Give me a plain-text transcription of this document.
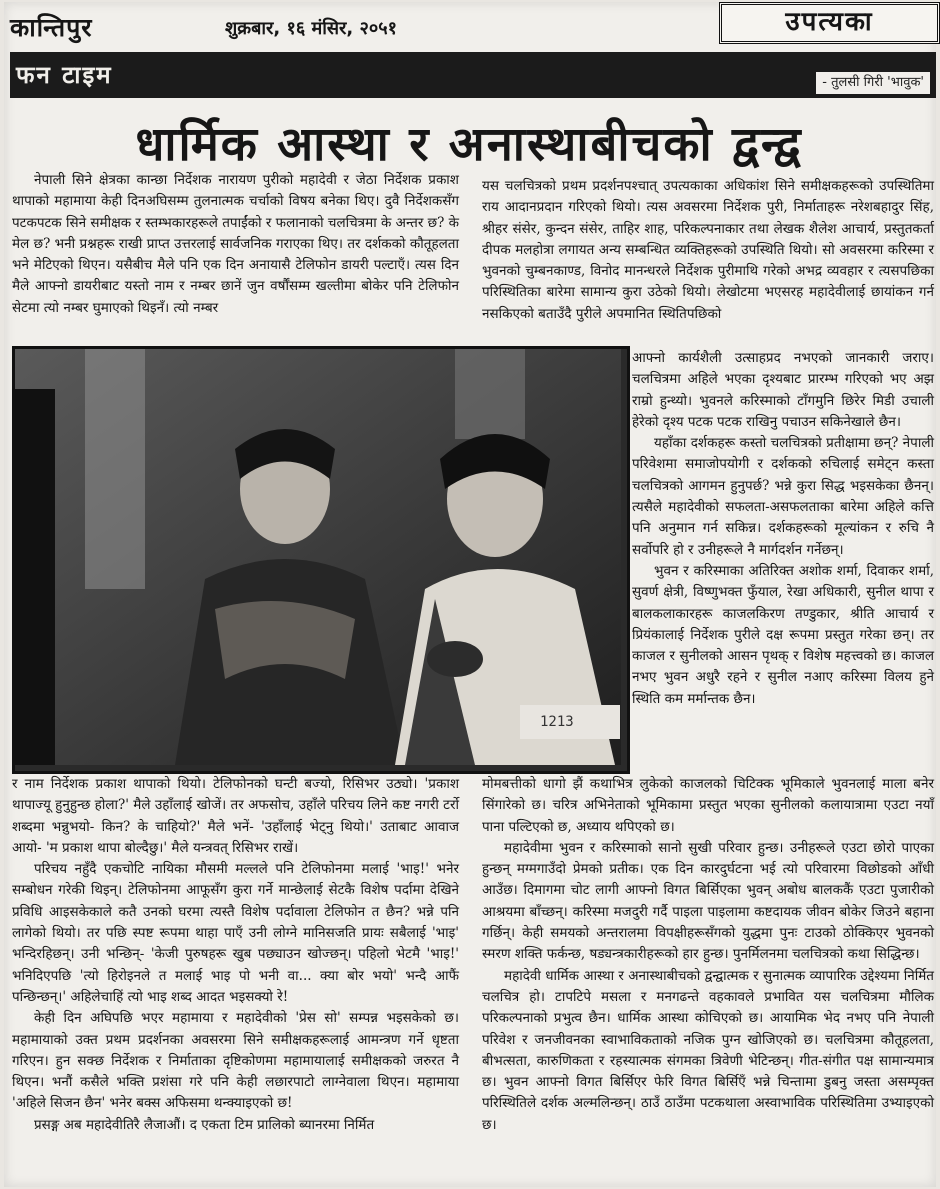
कान्तिपुर	शुक्रबार, १६ मंसिर, २०५१	उपत्यका
फन टाइम	- तुलसी गिरी 'भावुक'
धार्मिक आस्था र अनास्थाबीचको द्वन्द्व

नेपाली सिने क्षेत्रका कान्छा निर्देशक नारायण पुरीको महादेवी र जेठा निर्देशक प्रकाश थापाको महामाया केही दिनअघिसम्म तुलनात्मक चर्चाको विषय बनेका थिए। दुवै निर्देशकसँग पटकपटक सिने समीक्षक र स्तम्भकारहरूले तपाईंको र फलानाको चलचित्रमा के अन्तर छ? के मेल छ? भनी प्रश्नहरू राखी प्राप्त उत्तरलाई सार्वजनिक गराएका थिए। तर दर्शकको कौतूहलता भने मेटिएको थिएन। यसैबीच मैले पनि एक दिन अनायासै टेलिफोन डायरी पल्टाएँ। त्यस दिन मैले आफ्नो डायरीबाट यस्तो नाम र नम्बर छानें जुन वर्षौंसम्म खल्तीमा बोकेर पनि टेलिफोन सेटमा त्यो नम्बर घुमाएको थिइनँ। त्यो नम्बर

यस चलचित्रको प्रथम प्रदर्शनपश्चात् उपत्यकाका अधिकांश सिने समीक्षकहरूको उपस्थितिमा राय आदानप्रदान गरिएको थियो। त्यस अवसरमा निर्देशक पुरी, निर्माताहरू नरेशबहादुर सिंह, श्रीहर संसेर, कुन्दन संसेर, ताहिर शाह, परिकल्पनाकार तथा लेखक शैलेश आचार्य, प्रस्तुतकर्ता दीपक मलहोत्रा लगायत अन्य सम्बन्धित व्यक्तिहरूको उपस्थिति थियो। सो अवसरमा करिस्मा र भुवनको चुम्बनकाण्ड, विनोद मानन्धरले निर्देशक पुरीमाथि गरेको अभद्र व्यवहार र त्यसपछिका परिस्थितिका बारेमा सामान्य कुरा उठेको थियो। लेखोटमा भएसरह महादेवीलाई छायांकन गर्न नसकिएको बताउँदै पुरीले अपमानित स्थितिपछिको

1213

आफ्नो कार्यशैली उत्साहप्रद नभएको जानकारी जराए। चलचित्रमा अहिले भएका दृश्यबाट प्रारम्भ गरिएको भए अझ राम्रो हुन्थ्यो। भुवनले करिस्माको टाँगमुनि छिरेर मिडी उचाली हेरेको दृश्य पटक पटक राखिनु पचाउन सकिनेखाले छैन।

यहाँका दर्शकहरू कस्तो चलचित्रको प्रतीक्षामा छन्? नेपाली परिवेशमा समाजोपयोगी र दर्शकको रुचिलाई समेट्न कस्ता चलचित्रको आगमन हुनुपर्छ? भन्ने कुरा सिद्ध भइसकेका छैनन्। त्यसैले महादेवीको सफलता-असफलताका बारेमा अहिले कत्ति पनि अनुमान गर्न सकिन्न। दर्शकहरूको मूल्यांकन र रुचि नै सर्वोपरि हो र उनीहरूले नै मार्गदर्शन गर्नेछन्।

भुवन र करिस्माका अतिरिक्त अशोक शर्मा, दिवाकर शर्मा, सुवर्ण क्षेत्री, विष्णुभक्त फुँयाल, रेखा अधिकारी, सुनील थापा र बालकलाकारहरू काजलकिरण तण्डुकार, श्रीति आचार्य र प्रियंकालाई निर्देशक पुरीले दक्ष रूपमा प्रस्तुत गरेका छन्। तर काजल र सुनीलको आसन पृथक् र विशेष महत्त्वको छ। काजल नभए भुवन अधुरै रहने र सुनील नआए करिस्मा विलय हुने स्थिति कम मर्मान्तक छैन।

र नाम निर्देशक प्रकाश थापाको थियो। टेलिफोनको घन्टी बज्यो, रिसिभर उठ्यो। 'प्रकाश थापाज्यू हुनुहुन्छ होला?' मैले उहाँलाई खोजें। तर अफसोच, उहाँले परिचय लिने कष्ट नगरी टर्रो शब्दमा भन्नुभयो- किन? के चाहियो?' मैले भनें- 'उहाँलाई भेट्नु थियो।' उताबाट आवाज आयो- 'म प्रकाश थापा बोल्दैछु।' मैले यन्त्रवत् रिसिभर राखें।

परिचय नहुँदै एकचोटि नायिका मौसमी मल्लले पनि टेलिफोनमा मलाई 'भाइ!' भनेर सम्बोधन गरेकी थिइन्। टेलिफोनमा आफूसँग कुरा गर्ने मान्छेलाई सेटकै विशेष पर्दामा देखिने प्रविधि आइसकेकाले कतै उनको घरमा त्यस्तै विशेष पर्दावाला टेलिफोन त छैन? भन्ने पनि लागेको थियो। तर पछि स्पष्ट रूपमा थाहा पाएँ उनी लोग्ने मानिसजति प्रायः सबैलाई 'भाइ' भन्दिरहिछन्। उनी भन्छिन्- 'केजी पुरुषहरू खुब पछ्याउन खोज्छन्। पहिलो भेटमै 'भाइ!' भनिदिएपछि 'त्यो हिरोइनले त मलाई भाइ पो भनी वा... क्या बोर भयो' भन्दै आफैं पन्छिन्छन्।' अहिलेचाहिं त्यो भाइ शब्द आदत भइसक्यो रे!

केही दिन अघिपछि भएर महामाया र महादेवीको 'प्रेस सो' सम्पन्न भइसकेको छ। महामायाको उक्त प्रथम प्रदर्शनका अवसरमा सिने समीक्षकहरूलाई आमन्त्रण गर्ने धृष्टता गरिएन। हुन सक्छ निर्देशक र निर्माताका दृष्टिकोणमा महामायालाई समीक्षकको जरुरत नै थिएन। भनौं कसैले भक्ति प्रशंसा गरे पनि केही लछारपाटो लाग्नेवाला थिएन। महामाया 'अहिले सिजन छैन' भनेर बक्स अफिसमा थन्क्याइएको छ!

प्रसङ्ग अब महादेवीतिरै लैजाऔं। द एकता टिम प्रालिको ब्यानरमा निर्मित

मोमबत्तीको धागो झैं कथाभित्र लुकेको काजलको चिटिक्क भूमिकाले भुवनलाई माला बनेर सिंगारेको छ। चरित्र अभिनेताको भूमिकामा प्रस्तुत भएका सुनीलको कलायात्रामा एउटा नयाँ पाना पल्टिएको छ, अध्याय थपिएको छ।

महादेवीमा भुवन र करिस्माको सानो सुखी परिवार हुन्छ। उनीहरूले एउटा छोरो पाएका हुन्छन् मग्मगाउँदो प्रेमको प्रतीक। एक दिन कारदुर्घटना भई त्यो परिवारमा विछोडको आँधी आउँछ। दिमागमा चोट लागी आफ्नो विगत बिर्सिएका भुवन् अबोध बालककैं एउटा पुजारीको आश्रयमा बाँच्छन्। करिस्मा मजदुरी गर्दै पाइला पाइलामा कष्टदायक जीवन बोकेर जिउने बहाना गर्छिन्। केही समयको अन्तरालमा विपक्षीहरूसँगको युद्धमा पुनः टाउको ठोक्किएर भुवनको स्मरण शक्ति फर्कन्छ, षड्यन्त्रकारीहरूको हार हुन्छ। पुनर्मिलनमा चलचित्रको कथा सिद्धिन्छ।

महादेवी धार्मिक आस्था र अनास्थाबीचको द्वन्द्वात्मक र सुनात्मक व्यापारिक उद्देश्यमा निर्मित चलचित्र हो। टापटिपे मसला र मनगढन्ते वहकावले प्रभावित यस चलचित्रमा मौलिक परिकल्पनाको प्रभुत्व छैन। धार्मिक आस्था कोचिएको छ। आयामिक भेद नभए पनि नेपाली परिवेश र जनजीवनका स्वाभाविकताको नजिक पुग्न खोजिएको छ। चलचित्रमा कौतूहलता, बीभत्सता, कारुणिकता र रहस्यात्मक संगमका त्रिवेणी भेटिन्छन्। गीत-संगीत पक्ष सामान्यमात्र छ। भुवन आफ्नो विगत बिर्सिएर फेरि विगत बिर्सिएँ भन्ने चिन्तामा डुबनु जस्ता असम्पृक्त परिस्थितिले दर्शक अल्मलिन्छन्। ठाउँ ठाउँमा पटकथाला अस्वाभाविक परिस्थितिमा उभ्याइएको छ।
